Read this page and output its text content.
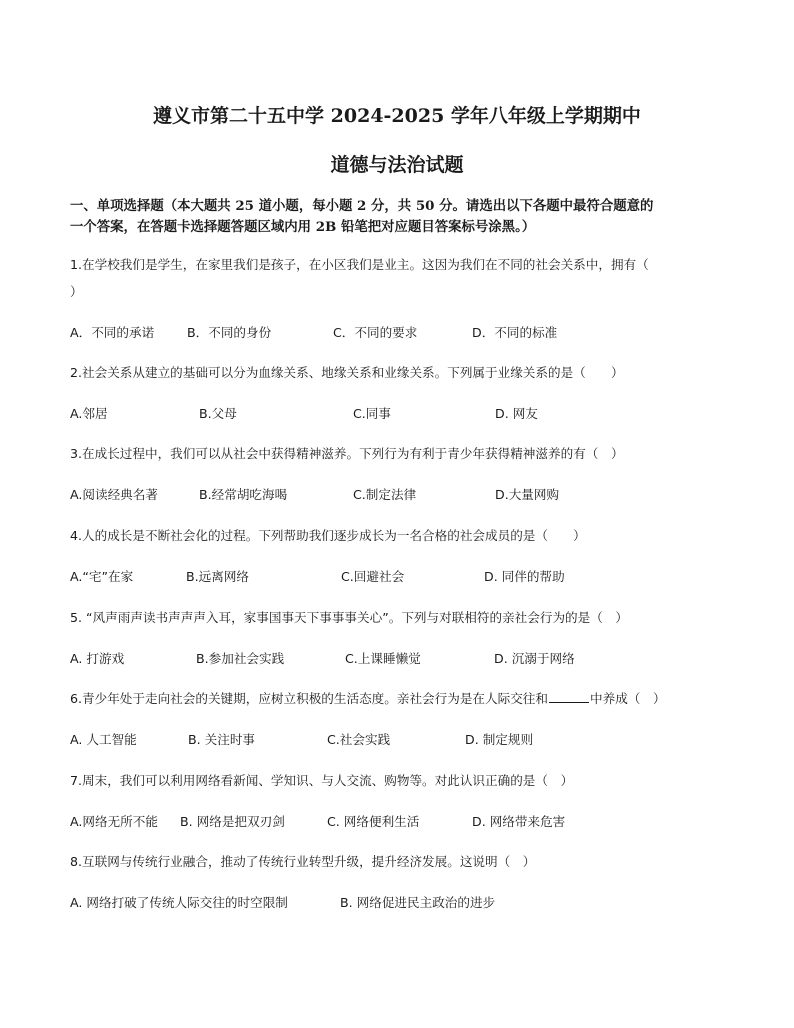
遵义市第二十五中学 2024-2025 学年八年级上学期期中
道德与法治试题
一、单项选择题（本大题共 25 道小题，每小题 2 分，共 50 分。请选出以下各题中最符合题意的
一个答案，在答题卡选择题答题区域内用 2B 铅笔把对应题目答案标号涂黑。）
1.在学校我们是学生，在家里我们是孩子，在小区我们是业主。这因为我们在不同的社会关系中，拥有（
）
A．不同的承诺	B．不同的身份	C．不同的要求	D．不同的标准
2.社会关系从建立的基础可以分为血缘关系、地缘关系和业缘关系。下列属于业缘关系的是（　　）
A.邻居	B.父母	C.同事	D. 网友
3.在成长过程中，我们可以从社会中获得精神滋养。下列行为有利于青少年获得精神滋养的有（　）
A.阅读经典名著	B.经常胡吃海喝	C.制定法律	D.大量网购
4.人的成长是不断社会化的过程。下列帮助我们逐步成长为一名合格的社会成员的是（　　）
A.“宅”在家	B.远离网络	C.回避社会	D. 同伴的帮助
5. “风声雨声读书声声声入耳，家事国事天下事事事关心”。下列与对联相符的亲社会行为的是（　）
A. 打游戏	B.参加社会实践	C.上课睡懒觉	D. 沉溺于网络
6.青少年处于走向社会的关键期，应树立积极的生活态度。亲社会行为是在人际交往和	中养成（　）
A. 人工智能	B. 关注时事	C.社会实践	D. 制定规则
7.周末，我们可以利用网络看新闻、学知识、与人交流、购物等。对此认识正确的是（　）
A.网络无所不能 B. 网络是把双刃剑	C. 网络便利生活	D. 网络带来危害
8.互联网与传统行业融合，推动了传统行业转型升级，提升经济发展。这说明（　）
A. 网络打破了传统人际交往的时空限制	B. 网络促进民主政治的进步
